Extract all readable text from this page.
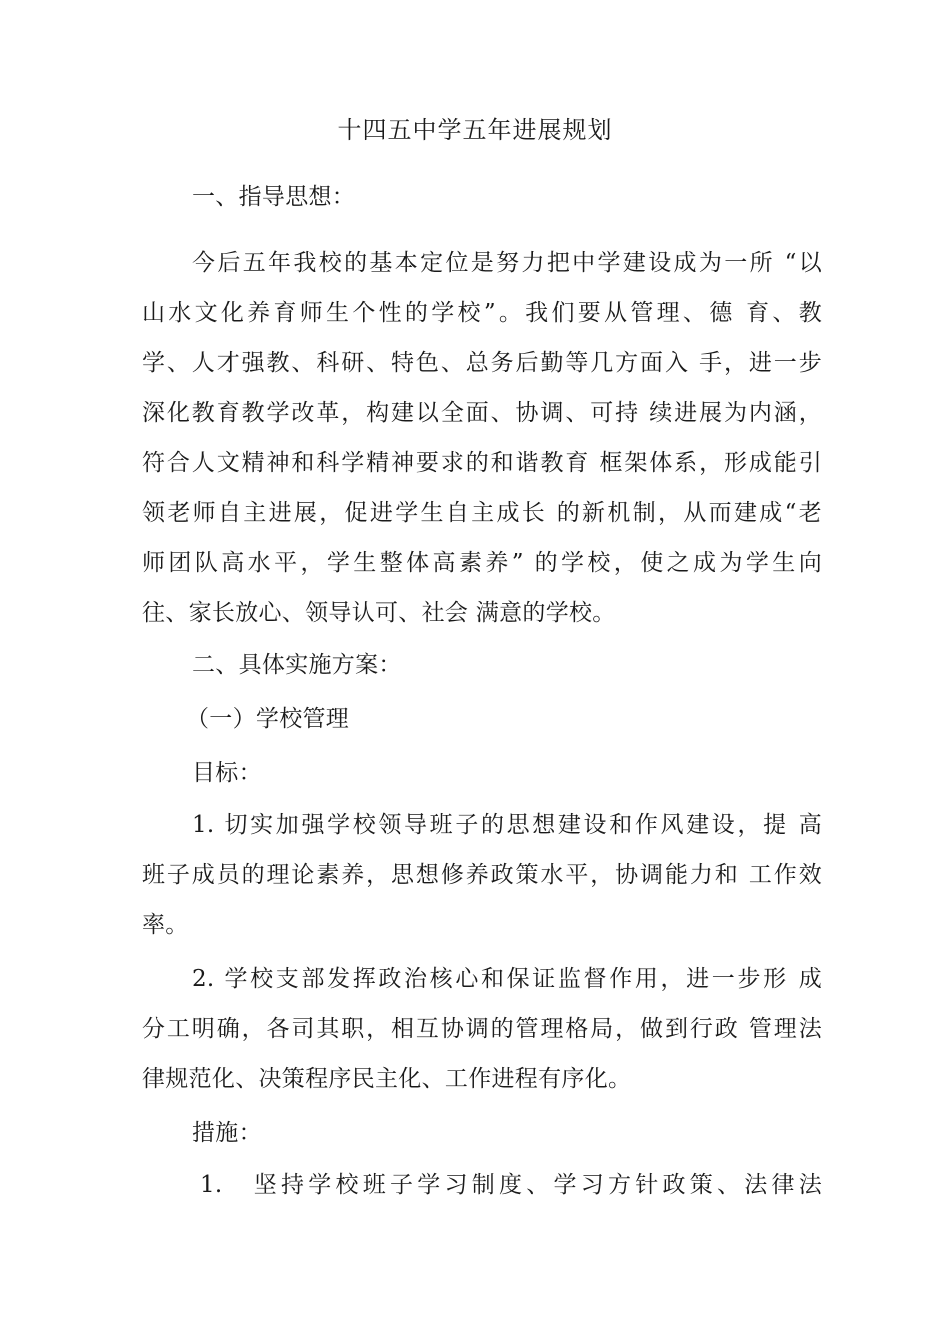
十四五中学五年进展规划
一、指导思想：
今后五年我校的基本定位是努力把中学建设成为一所 “以
山水文化养育师生个性的学校”。我们要从管理、德 育、教
学、人才强教、科研、特色、总务后勤等几方面入 手，进一步
深化教育教学改革，构建以全面、协调、可持 续进展为内涵，
符合人文精神和科学精神要求的和谐教育 框架体系，形成能引
领老师自主进展，促进学生自主成长 的新机制，从而建成“老
师团队高水平，学生整体高素养” 的学校，使之成为学生向
往、家长放心、领导认可、社会 满意的学校。
二、具体实施方案：
（一）学校管理
目标：
1. 切实加强学校领导班子的思想建设和作风建设，提 高
班子成员的理论素养，思想修养政策水平，协调能力和 工作效
率。
2. 学校支部发挥政治核心和保证监督作用，进一步形 成
分工明确，各司其职，相互协调的管理格局，做到行政 管理法
律规范化、决策程序民主化、工作进程有序化。
措施：
1.　坚持学校班子学习制度、学习方针政策、法律法
